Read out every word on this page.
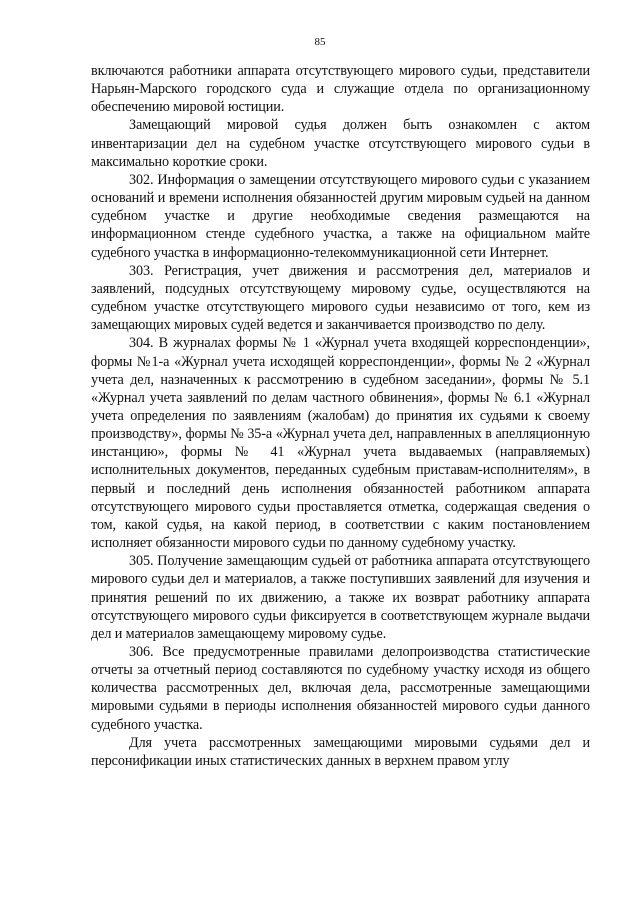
85

включаются работники аппарата отсутствующего мирового судьи, представители Нарьян-Марского городского суда и служащие отдела по организационному обеспечению мировой юстиции.

Замещающий мировой судья должен быть ознакомлен с актом инвентаризации дел на судебном участке отсутствующего мирового судьи в максимально короткие сроки.

302. Информация о замещении отсутствующего мирового судьи с указанием оснований и времени исполнения обязанностей другим мировым судьей на данном судебном участке и другие необходимые сведения размещаются на информационном стенде судебного участка, а также на официальном майте судебного участка в информационно-телекоммуникационной сети Интернет.

303. Регистрация, учет движения и рассмотрения дел, материалов и заявлений, подсудных отсутствующему мировому судье, осуществляются на судебном участке отсутствующего мирового судьи независимо от того, кем из замещающих мировых судей ведется и заканчивается производство по делу.

304. В журналах формы № 1 «Журнал учета входящей корреспонденции», формы №1-а «Журнал учета исходящей корреспонденции», формы № 2 «Журнал учета дел, назначенных к рассмотрению в судебном заседании», формы № 5.1 «Журнал учета заявлений по делам частного обвинения», формы № 6.1 «Журнал учета определения по заявлениям (жалобам) до принятия их судьями к своему производству», формы № 35-а «Журнал учета дел, направленных в апелляционную инстанцию», формы № 41 «Журнал учета выдаваемых (направляемых) исполнительных документов, переданных судебным приставам-исполнителям», в первый и последний день исполнения обязанностей работником аппарата отсутствующего мирового судьи проставляется отметка, содержащая сведения о том, какой судья, на какой период, в соответствии с каким постановлением исполняет обязанности мирового судьи по данному судебному участку.

305. Получение замещающим судьей от работника аппарата отсутствующего мирового судьи дел и материалов, а также поступивших заявлений для изучения и принятия решений по их движению, а также их возврат работнику аппарата отсутствующего мирового судьи фиксируется в соответствующем журнале выдачи дел и материалов замещающему мировому судье.

306. Все предусмотренные правилами делопроизводства статистические отчеты за отчетный период составляются по судебному участку исходя из общего количества рассмотренных дел, включая дела, рассмотренные замещающими мировыми судьями в периоды исполнения обязанностей мирового судьи данного судебного участка.

Для учета рассмотренных замещающими мировыми судьями дел и персонификации иных статистических данных в верхнем правом углу
